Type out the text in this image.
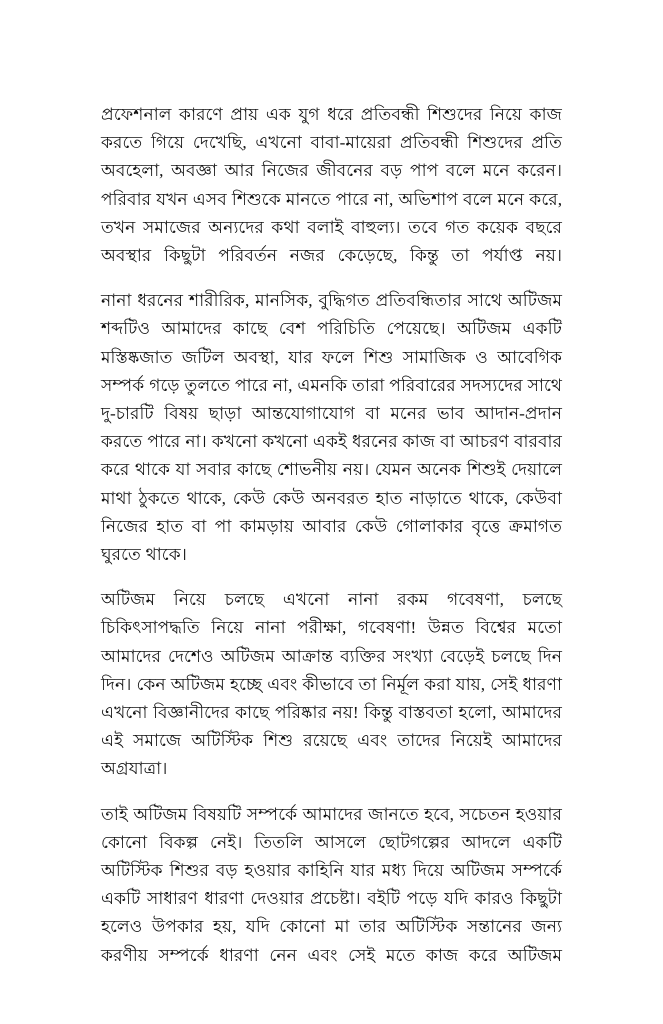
প্রফেশনাল কারণে প্রায় এক যুগ ধরে প্রতিবন্ধী শিশুদের নিয়ে কাজ করতে গিয়ে দেখেছি, এখনো বাবা-মায়েরা প্রতিবন্ধী শিশুদের প্রতি অবহেলা, অবজ্ঞা আর নিজের জীবনের বড় পাপ বলে মনে করেন। পরিবার যখন এসব শিশুকে মানতে পারে না, অভিশাপ বলে মনে করে, তখন সমাজের অন্যদের কথা বলাই বাহুল্য। তবে গত কয়েক বছরে অবস্থার কিছুটা পরিবর্তন নজর কেড়েছে, কিন্তু তা পর্যাপ্ত নয়।

নানা ধরনের শারীরিক, মানসিক, বুদ্ধিগত প্রতিবন্ধিতার সাথে অটিজম শব্দটিও আমাদের কাছে বেশ পরিচিতি পেয়েছে। অটিজম একটি মস্তিষ্কজাত জটিল অবস্থা, যার ফলে শিশু সামাজিক ও আবেগিক সম্পর্ক গড়ে তুলতে পারে না, এমনকি তারা পরিবারের সদস্যদের সাথে দু-চারটি বিষয় ছাড়া আন্তযোগাযোগ বা মনের ভাব আদান-প্রদান করতে পারে না। কখনো কখনো একই ধরনের কাজ বা আচরণ বারবার করে থাকে যা সবার কাছে শোভনীয় নয়। যেমন অনেক শিশুই দেয়ালে মাথা ঠুকতে থাকে, কেউ কেউ অনবরত হাত নাড়াতে থাকে, কেউবা নিজের হাত বা পা কামড়ায় আবার কেউ গোলাকার বৃত্তে ক্রমাগত ঘুরতে থাকে।

অটিজম নিয়ে চলছে এখনো নানা রকম গবেষণা, চলছে চিকিৎসাপদ্ধতি নিয়ে নানা পরীক্ষা, গবেষণা! উন্নত বিশ্বের মতো আমাদের দেশেও অটিজম আক্রান্ত ব্যক্তির সংখ্যা বেড়েই চলছে দিন দিন। কেন অটিজম হচ্ছে এবং কীভাবে তা নির্মূল করা যায়, সেই ধারণা এখনো বিজ্ঞানীদের কাছে পরিষ্কার নয়! কিন্তু বাস্তবতা হলো, আমাদের এই সমাজে অটিস্টিক শিশু রয়েছে এবং তাদের নিয়েই আমাদের অগ্রযাত্রা।

তাই অটিজম বিষয়টি সম্পর্কে আমাদের জানতে হবে, সচেতন হওয়ার কোনো বিকল্প নেই। তিতলি আসলে ছোটগল্পের আদলে একটি অটিস্টিক শিশুর বড় হওয়ার কাহিনি যার মধ্য দিয়ে অটিজম সম্পর্কে একটি সাধারণ ধারণা দেওয়ার প্রচেষ্টা। বইটি পড়ে যদি কারও কিছুটা হলেও উপকার হয়, যদি কোনো মা তার অটিস্টিক সন্তানের জন্য করণীয় সম্পর্কে ধারণা নেন এবং সেই মতে কাজ করে অটিজম
